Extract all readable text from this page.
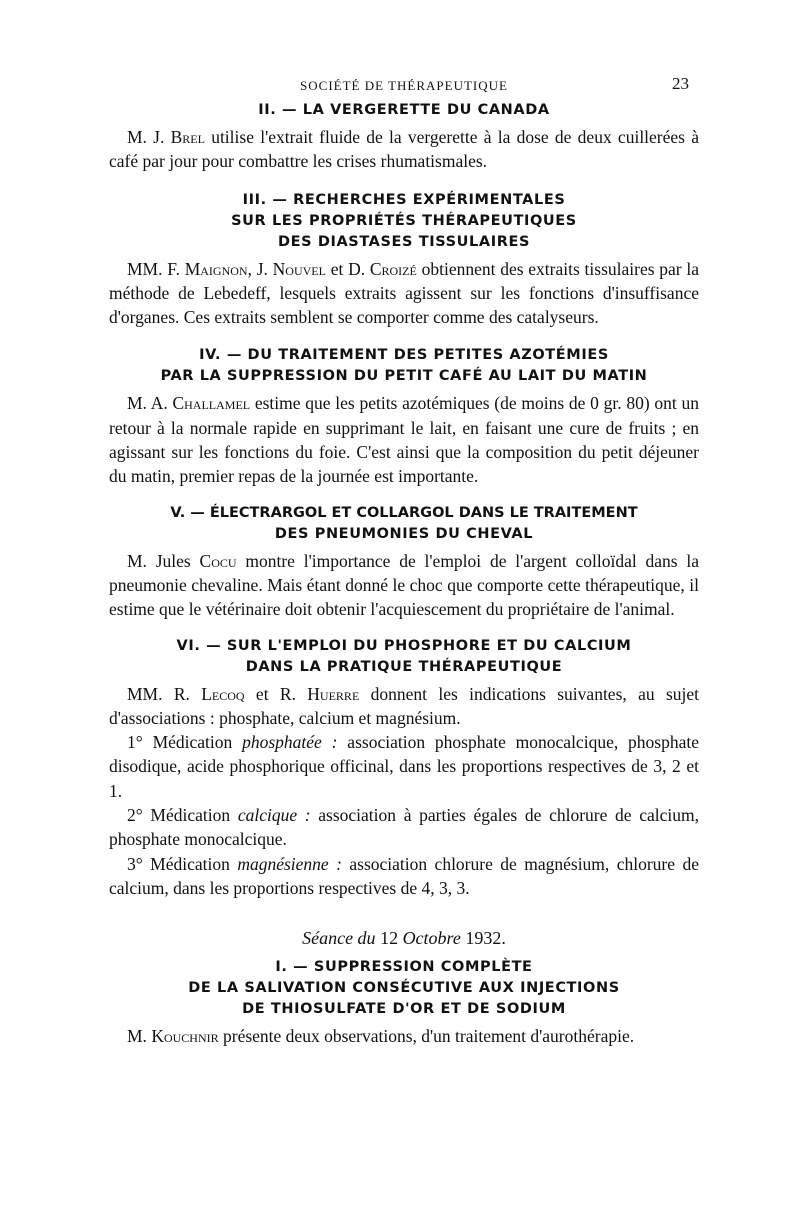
SOCIÉTÉ DE THÉRAPEUTIQUE	23
II. — LA VERGERETTE DU CANADA

M. J. Brel utilise l'extrait fluide de la vergerette à la dose de deux cuillerées à café par jour pour combattre les crises rhumatismales.

III. — RECHERCHES EXPÉRIMENTALES
SUR LES PROPRIÉTÉS THÉRAPEUTIQUES
DES DIASTASES TISSULAIRES

MM. F. Maignon, J. Nouvel et D. Croizé obtiennent des extraits tissulaires par la méthode de Lebedeff, lesquels extraits agissent sur les fonctions d'insuffisance d'organes. Ces extraits semblent se comporter comme des catalyseurs.

IV. — DU TRAITEMENT DES PETITES AZOTÉMIES
PAR LA SUPPRESSION DU PETIT CAFÉ AU LAIT DU MATIN

M. A. Challamel estime que les petits azotémiques (de moins de 0 gr. 80) ont un retour à la normale rapide en supprimant le lait, en faisant une cure de fruits ; en agissant sur les fonctions du foie. C'est ainsi que la composition du petit déjeuner du matin, premier repas de la journée est importante.

V. — ÉLECTRARGOL ET COLLARGOL DANS LE TRAITEMENT
DES PNEUMONIES DU CHEVAL

M. Jules Cocu montre l'importance de l'emploi de l'argent colloïdal dans la pneumonie chevaline. Mais étant donné le choc que comporte cette thérapeutique, il estime que le vétérinaire doit obtenir l'acquiescement du propriétaire de l'animal.

VI. — SUR L'EMPLOI DU PHOSPHORE ET DU CALCIUM
DANS LA PRATIQUE THÉRAPEUTIQUE

MM. R. Lecoq et R. Huerre donnent les indications suivantes, au sujet d'associations : phosphate, calcium et magnésium.

1° Médication phosphatée : association phosphate monocalcique, phosphate disodique, acide phosphorique officinal, dans les proportions respectives de 3, 2 et 1.

2° Médication calcique : association à parties égales de chlorure de calcium, phosphate monocalcique.

3° Médication magnésienne : association chlorure de magnésium, chlorure de calcium, dans les proportions respectives de 4, 3, 3.

Séance du 12 Octobre 1932.
I. — SUPPRESSION COMPLÈTE
DE LA SALIVATION CONSÉCUTIVE AUX INJECTIONS
DE THIOSULFATE D'OR ET DE SODIUM

M. Kouchnir présente deux observations, d'un traitement d'aurothérapie.
